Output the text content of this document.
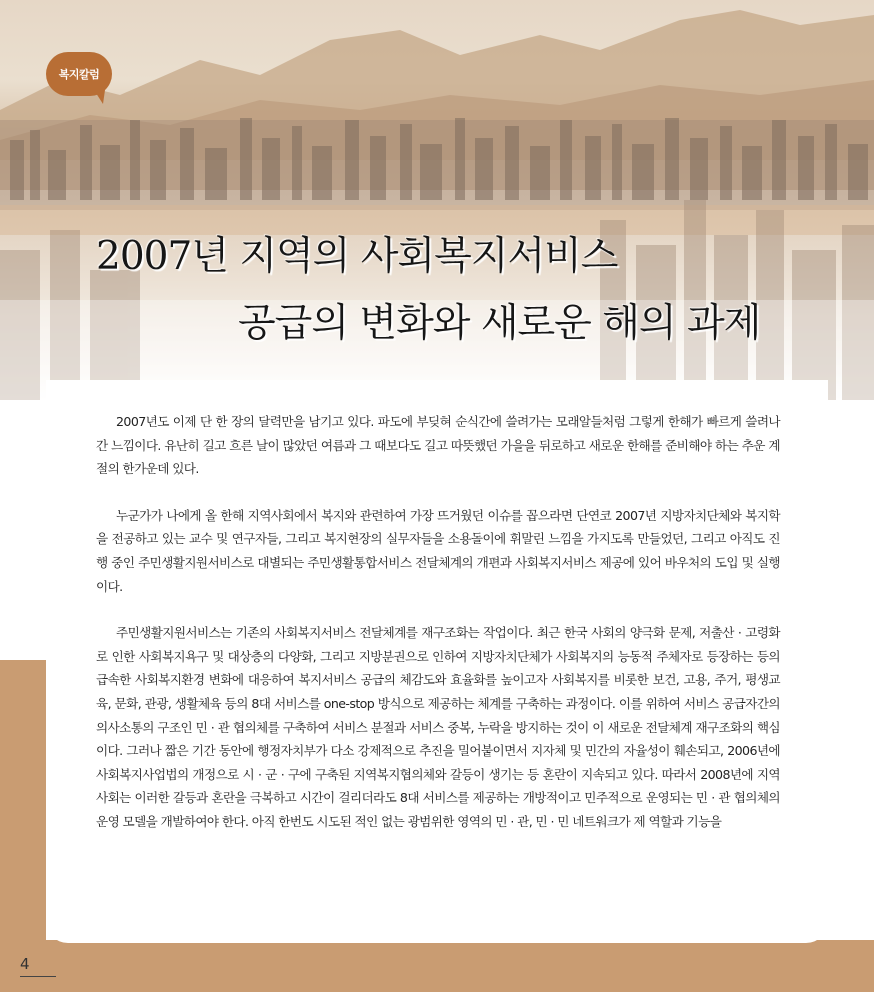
복지칼럼
2007년 지역의 사회복지서비스
공급의 변화와 새로운 해의 과제

2007년도 이제 단 한 장의 달력만을 남기고 있다. 파도에 부딪혀 순식간에 쓸려가는 모래알들처럼 그렇게 한해가 빠르게 쓸려나간 느낌이다. 유난히 길고 흐른 날이 많았던 여름과 그 때보다도 길고 따뜻했던 가을을 뒤로하고 새로운 한해를 준비해야 하는 추운 계절의 한가운데 있다.

누군가가 나에게 올 한해 지역사회에서 복지와 관련하여 가장 뜨거웠던 이슈를 꼽으라면 단연코 2007년 지방자치단체와 복지학을 전공하고 있는 교수 및 연구자들, 그리고 복지현장의 실무자들을 소용돌이에 휘말린 느낌을 가지도록 만들었던, 그리고 아직도 진행 중인 주민생활지원서비스로 대별되는 주민생활통합서비스 전달체계의 개편과 사회복지서비스 제공에 있어 바우처의 도입 및 실행이다.

주민생활지원서비스는 기존의 사회복지서비스 전달체계를 재구조화는 작업이다. 최근 한국 사회의 양극화 문제, 저출산 · 고령화로 인한 사회복지욕구 및 대상층의 다양화, 그리고 지방분권으로 인하여 지방자치단체가 사회복지의 능동적 주체자로 등장하는 등의 급속한 사회복지환경 변화에 대응하여 복지서비스 공급의 체감도와 효율화를 높이고자 사회복지를 비롯한 보건, 고용, 주거, 평생교육, 문화, 관광, 생활체육 등의 8대 서비스를 one-stop 방식으로 제공하는 체계를 구축하는 과정이다. 이를 위하여 서비스 공급자간의 의사소통의 구조인 민 · 관 협의체를 구축하여 서비스 분절과 서비스 중복, 누락을 방지하는 것이 이 새로운 전달체계 재구조화의 핵심이다. 그러나 짧은 기간 동안에 행정자치부가 다소 강제적으로 추진을 밀어붙이면서 지자체 및 민간의 자율성이 훼손되고, 2006년에 사회복지사업법의 개정으로 시 · 군 · 구에 구축된 지역복지협의체와 갈등이 생기는 등 혼란이 지속되고 있다. 따라서 2008년에 지역사회는 이러한 갈등과 혼란을 극복하고 시간이 걸리더라도 8대 서비스를 제공하는 개방적이고 민주적으로 운영되는 민 · 관 협의체의 운영 모델을 개발하여야 한다. 아직 한번도 시도된 적인 없는 광범위한 영역의 민 · 관, 민 · 민 네트워크가 제 역할과 기능을

4
